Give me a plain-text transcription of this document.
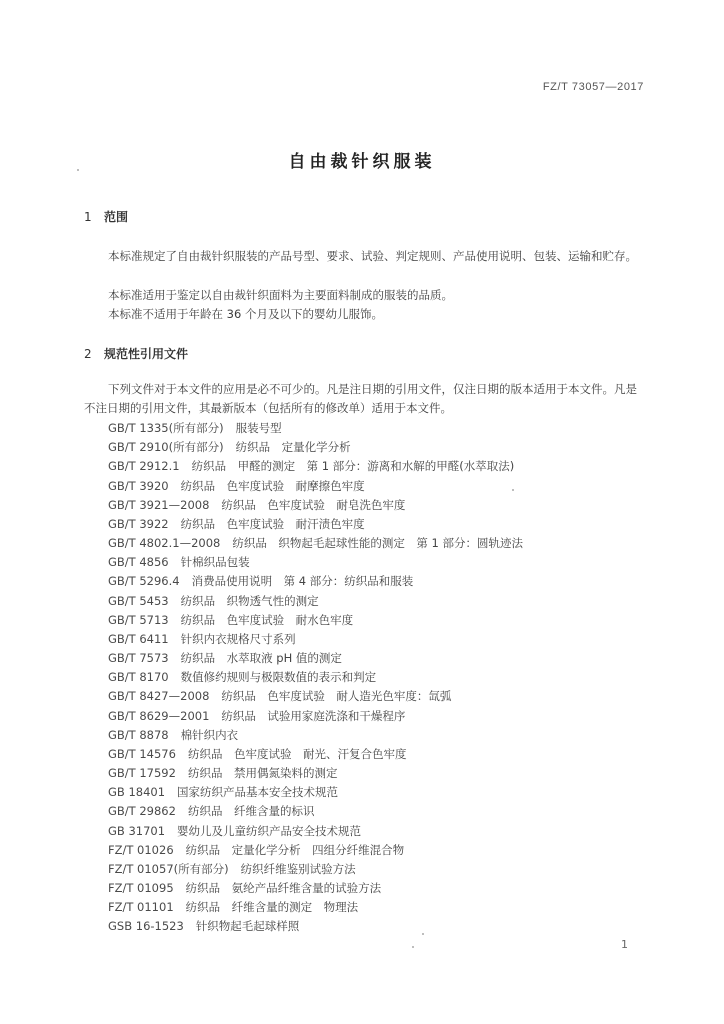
FZ/T 73057—2017
自由裁针织服装
1 范围

本标准规定了自由裁针织服装的产品号型、要求、试验、判定规则、产品使用说明、包装、运输和贮存。

本标准适用于鉴定以自由裁针织面料为主要面料制成的服装的品质。

本标准不适用于年龄在 36 个月及以下的婴幼儿服饰。

2 规范性引用文件

下列文件对于本文件的应用是必不可少的。凡是注日期的引用文件，仅注日期的版本适用于本文件。凡是不注日期的引用文件，其最新版本（包括所有的修改单）适用于本文件。

GB/T 1335(所有部分) 服装号型
GB/T 2910(所有部分) 纺织品　定量化学分析
GB/T 2912.1 纺织品　甲醛的测定　第 1 部分：游离和水解的甲醛(水萃取法)
GB/T 3920 纺织品　色牢度试验　耐摩擦色牢度
GB/T 3921—2008 纺织品　色牢度试验　耐皂洗色牢度
GB/T 3922 纺织品　色牢度试验　耐汗渍色牢度
GB/T 4802.1—2008 纺织品　织物起毛起球性能的测定　第 1 部分：圆轨迹法
GB/T 4856 针棉织品包装
GB/T 5296.4 消费品使用说明　第 4 部分：纺织品和服装
GB/T 5453 纺织品　织物透气性的测定
GB/T 5713 纺织品　色牢度试验　耐水色牢度
GB/T 6411 针织内衣规格尺寸系列
GB/T 7573 纺织品　水萃取液 pH 值的测定
GB/T 8170 数值修约规则与极限数值的表示和判定
GB/T 8427—2008 纺织品　色牢度试验　耐人造光色牢度：氙弧
GB/T 8629—2001 纺织品　试验用家庭洗涤和干燥程序
GB/T 8878 棉针织内衣
GB/T 14576 纺织品　色牢度试验　耐光、汗复合色牢度
GB/T 17592 纺织品　禁用偶氮染料的测定
GB 18401 国家纺织产品基本安全技术规范
GB/T 29862 纺织品　纤维含量的标识
GB 31701 婴幼儿及儿童纺织产品安全技术规范
FZ/T 01026 纺织品　定量化学分析　四组分纤维混合物
FZ/T 01057(所有部分) 纺织纤维鉴别试验方法
FZ/T 01095 纺织品　氨纶产品纤维含量的试验方法
FZ/T 01101 纺织品　纤维含量的测定　物理法
GSB 16-1523 针织物起毛起球样照
1
